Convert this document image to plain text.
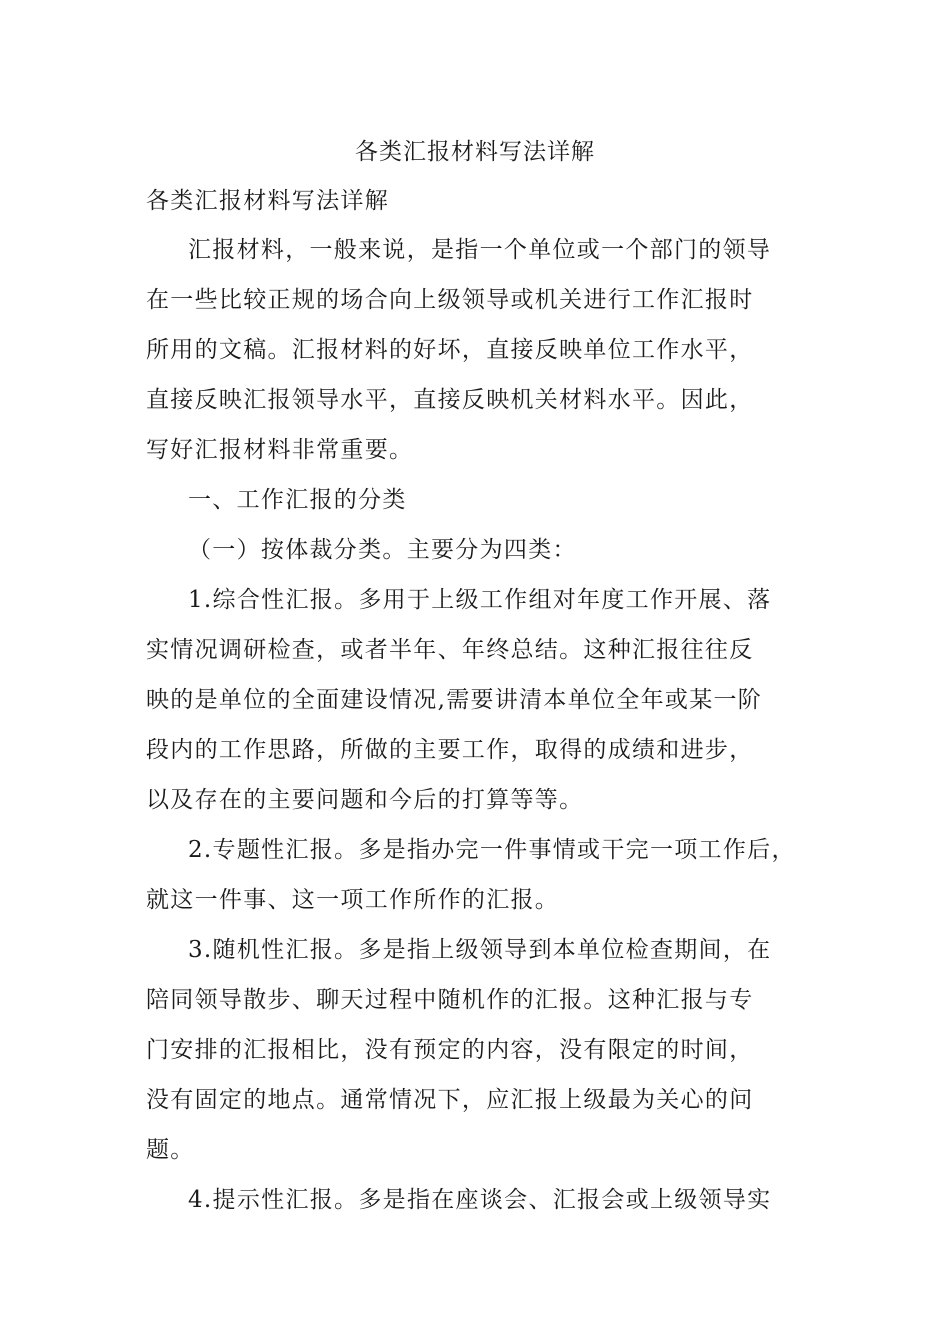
各类汇报材料写法详解
各类汇报材料写法详解
汇报材料，一般来说，是指一个单位或一个部门的领导
在一些比较正规的场合向上级领导或机关进行工作汇报时
所用的文稿。汇报材料的好坏，直接反映单位工作水平，
直接反映汇报领导水平，直接反映机关材料水平。因此，
写好汇报材料非常重要。
一、工作汇报的分类
（一）按体裁分类。主要分为四类：
1.综合性汇报。多用于上级工作组对年度工作开展、落
实情况调研检查，或者半年、年终总结。这种汇报往往反
映的是单位的全面建设情况,需要讲清本单位全年或某一阶
段内的工作思路，所做的主要工作，取得的成绩和进步，
以及存在的主要问题和今后的打算等等。
2.专题性汇报。多是指办完一件事情或干完一项工作后，
就这一件事、这一项工作所作的汇报。
3.随机性汇报。多是指上级领导到本单位检查期间，在
陪同领导散步、聊天过程中随机作的汇报。这种汇报与专
门安排的汇报相比，没有预定的内容，没有限定的时间，
没有固定的地点。通常情况下，应汇报上级最为关心的问
题。
4.提示性汇报。多是指在座谈会、汇报会或上级领导实
